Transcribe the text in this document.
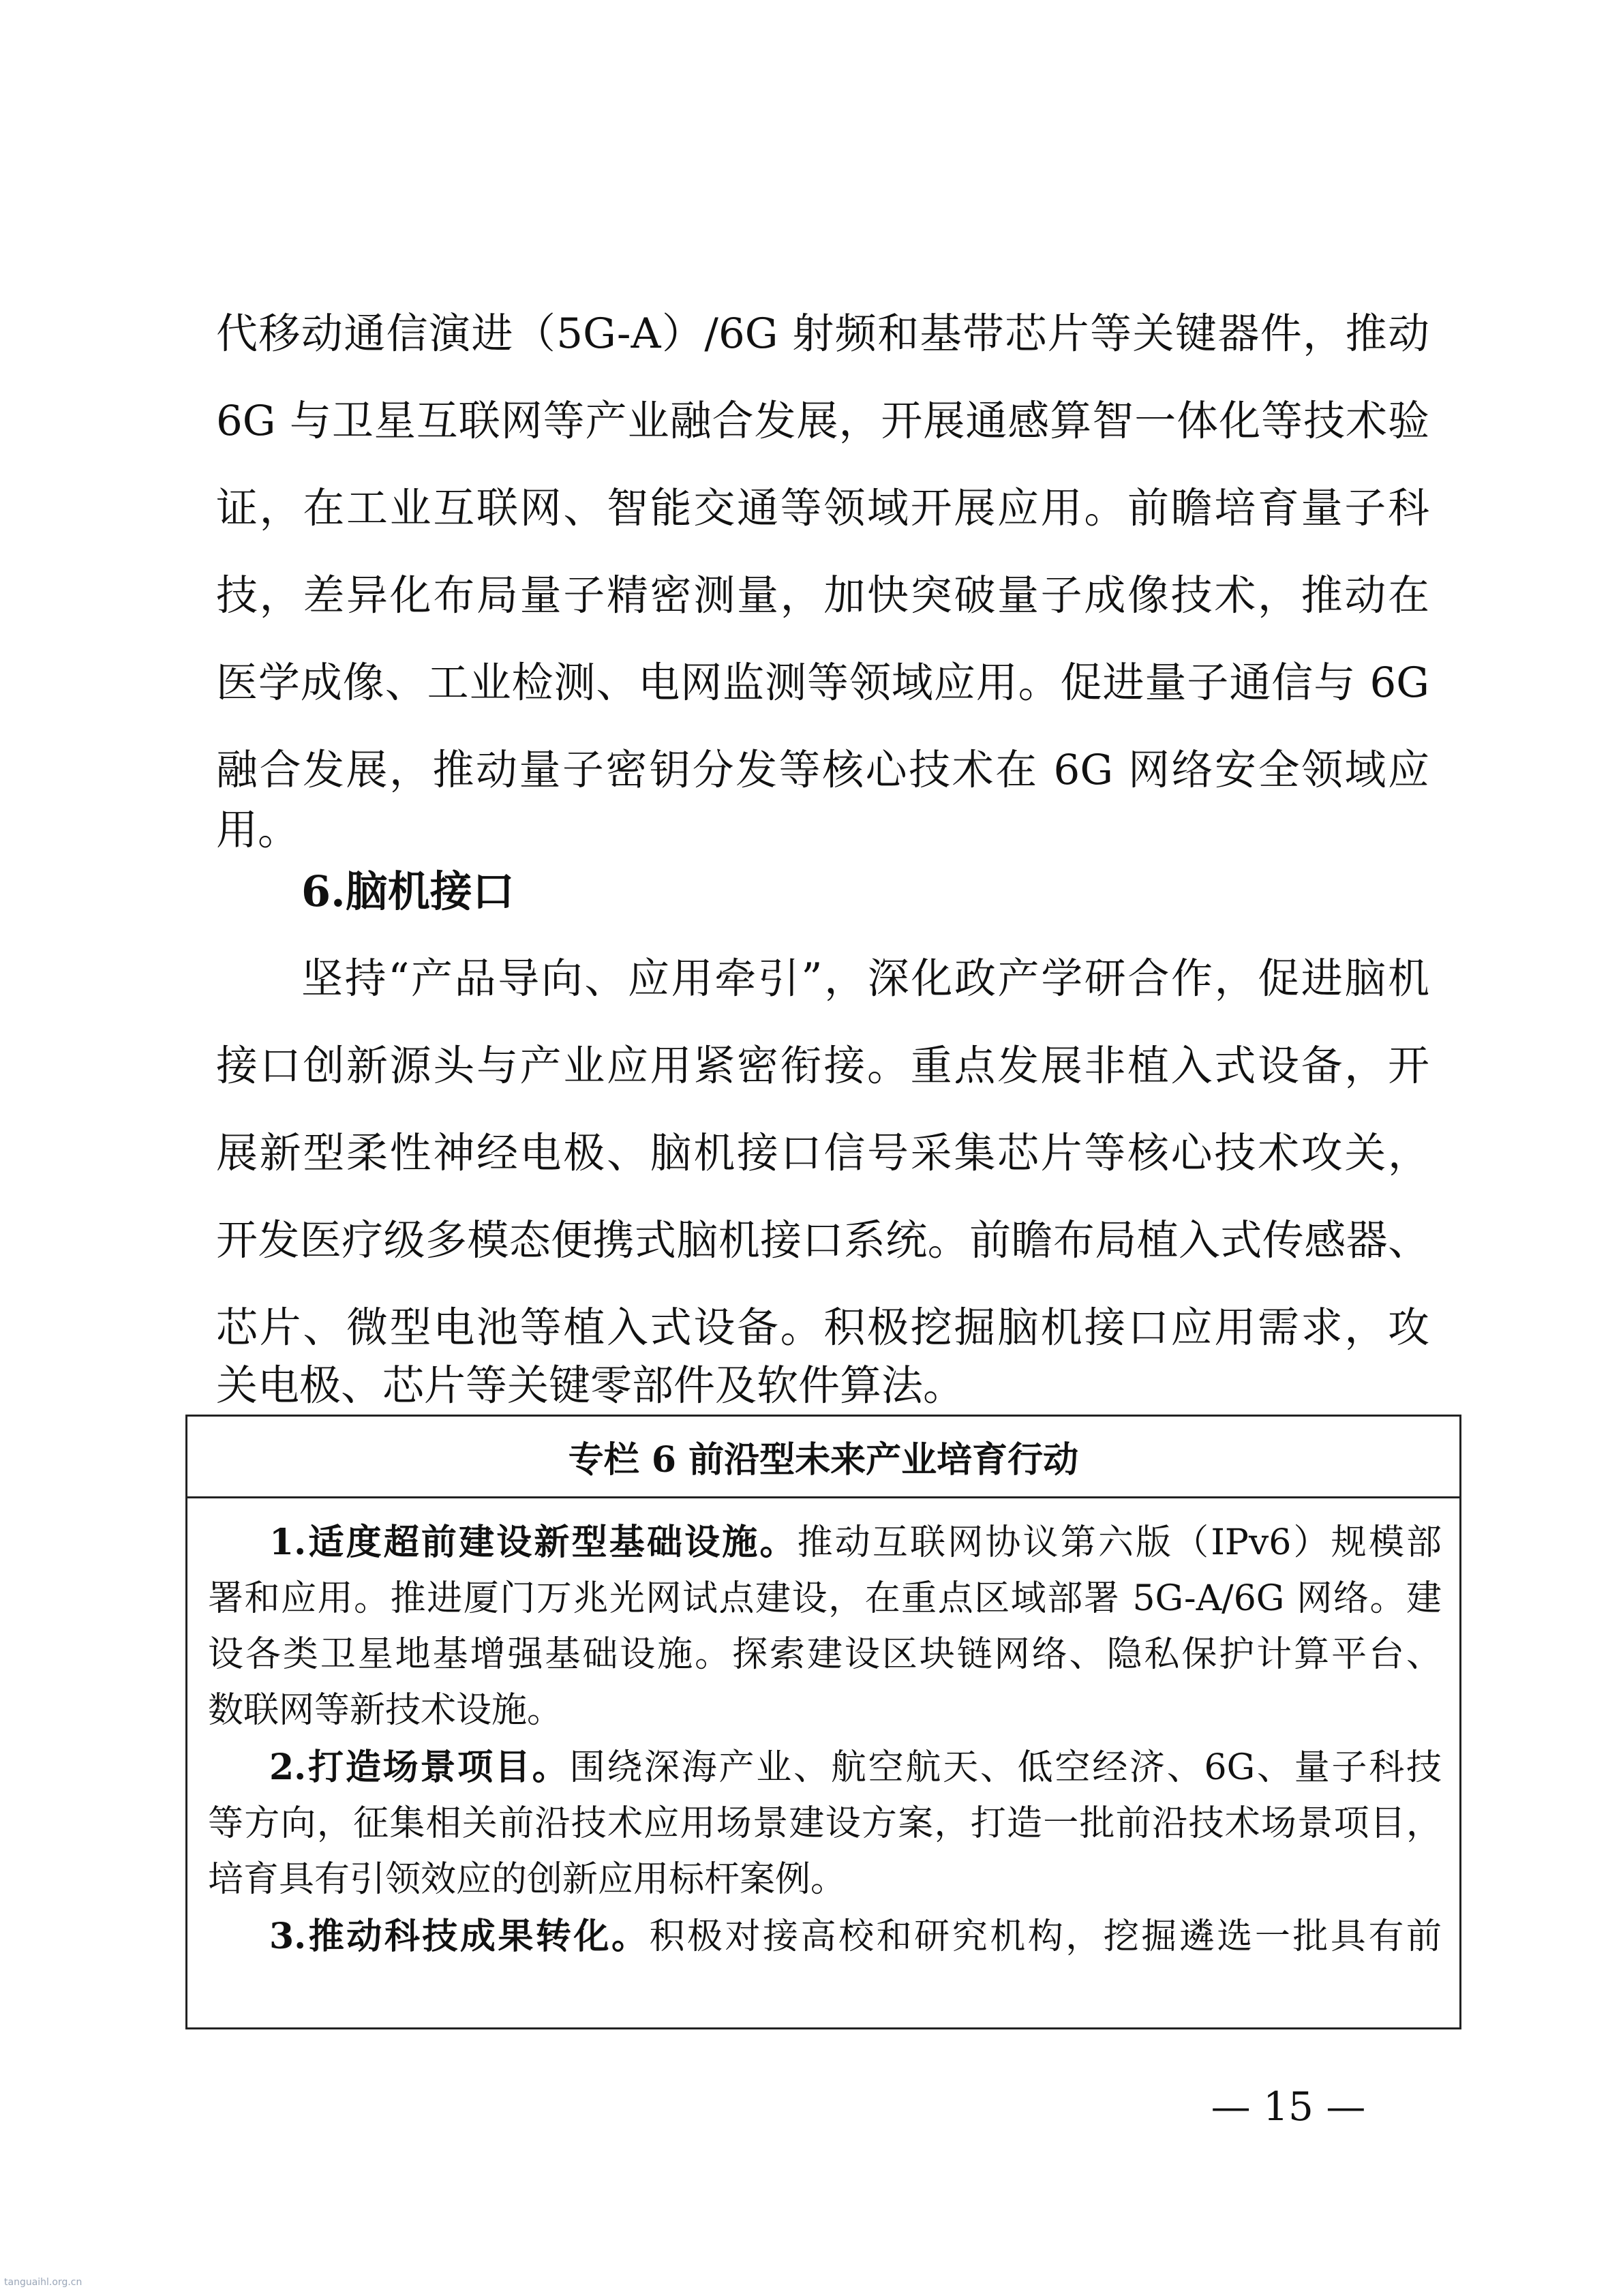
代移动通信演进（5G-A）/6G 射频和基带芯片等关键器件，推动
6G 与卫星互联网等产业融合发展，开展通感算智一体化等技术验
证，在工业互联网、智能交通等领域开展应用。前瞻培育量子科
技，差异化布局量子精密测量，加快突破量子成像技术，推动在
医学成像、工业检测、电网监测等领域应用。促进量子通信与 6G
融合发展，推动量子密钥分发等核心技术在 6G 网络安全领域应
用。
6.脑机接口
坚持“产品导向、应用牵引”，深化政产学研合作，促进脑机
接口创新源头与产业应用紧密衔接。重点发展非植入式设备，开
展新型柔性神经电极、脑机接口信号采集芯片等核心技术攻关，
开发医疗级多模态便携式脑机接口系统。前瞻布局植入式传感器、
芯片、微型电池等植入式设备。积极挖掘脑机接口应用需求，攻
关电极、芯片等关键零部件及软件算法。
专栏 6 前沿型未来产业培育行动
1.适度超前建设新型基础设施。推动互联网协议第六版（IPv6）规模部
署和应用。推进厦门万兆光网试点建设，在重点区域部署 5G-A/6G 网络。建
设各类卫星地基增强基础设施。探索建设区块链网络、隐私保护计算平台、
数联网等新技术设施。
2.打造场景项目。围绕深海产业、航空航天、低空经济、6G、量子科技
等方向，征集相关前沿技术应用场景建设方案，打造一批前沿技术场景项目，
培育具有引领效应的创新应用标杆案例。
3.推动科技成果转化。积极对接高校和研究机构，挖掘遴选一批具有前
— 15 —
tanguaihl.org.cn
